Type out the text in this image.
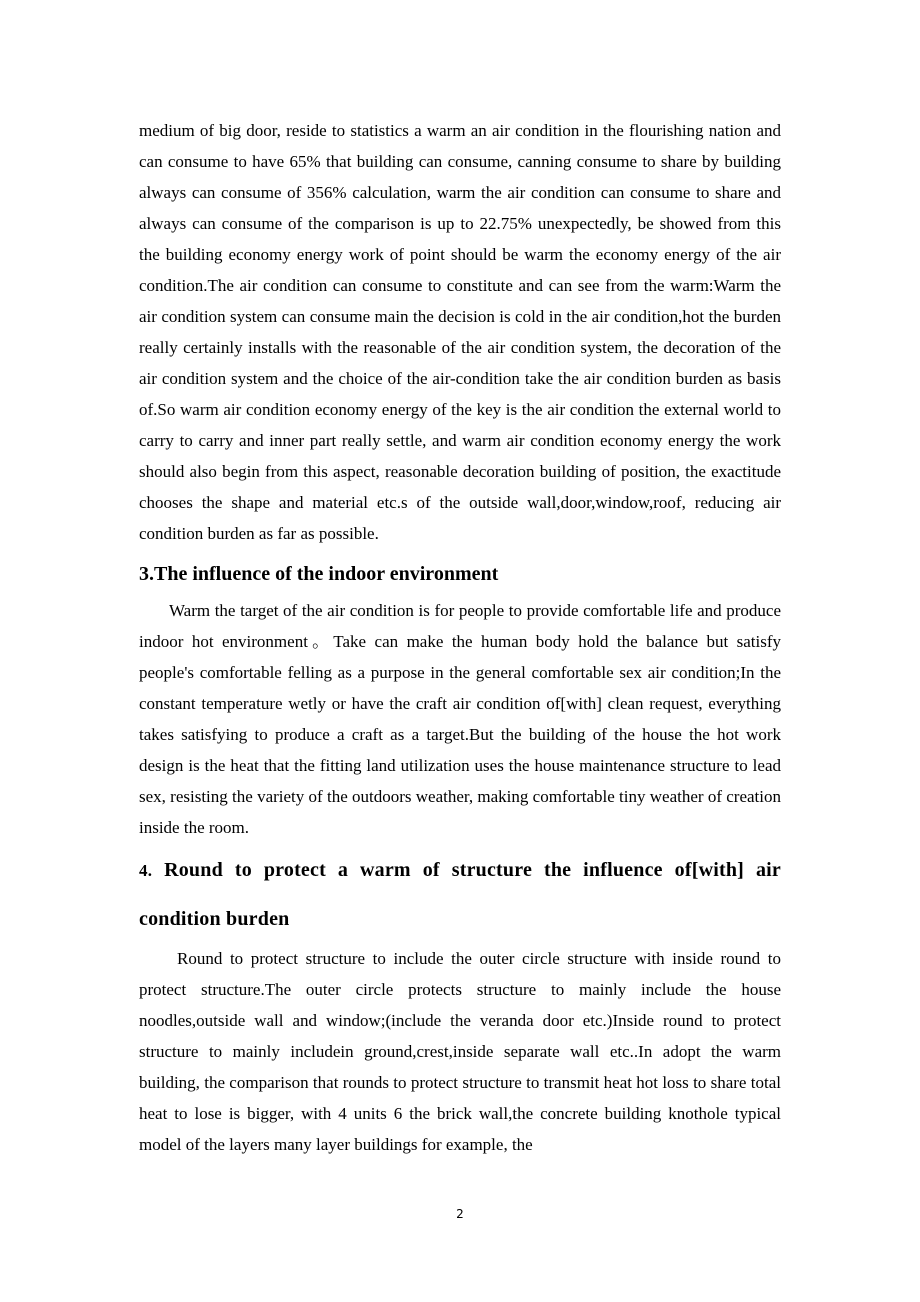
medium of big door, reside to statistics a warm an air condition in the flourishing nation and can consume to have 65% that building can consume, canning consume to share by building always can consume of 356% calculation, warm the air condition can consume to share and always can consume of the comparison is up to 22.75% unexpectedly, be showed from this the building economy energy work of point should be warm the economy energy of the air condition.The air condition can consume to constitute and can see from the warm:Warm the air condition system can consume main the decision is cold in the air condition,hot the burden really certainly installs with the reasonable of the air condition system, the decoration of the air condition system and the choice of the air-condition take the air condition burden as basis of.So warm air condition economy energy of the key is the air condition the external world to carry to carry and inner part really settle, and warm air condition economy energy the work should also begin from this aspect, reasonable decoration building of position, the exactitude chooses the shape and material etc.s of the outside wall,door,window,roof, reducing air condition burden as far as possible.

3.The influence of the indoor environment

Warm the target of the air condition is for people to provide comfortable life and produce indoor hot environment。Take can make the human body hold the balance but satisfy people's comfortable felling as a purpose in the general comfortable sex air condition;In the constant temperature wetly or have the craft air condition of[with] clean request, everything takes satisfying to produce a craft as a target.But the building of the house the hot work design is the heat that the fitting land utilization uses the house maintenance structure to lead sex, resisting the variety of the outdoors weather, making comfortable tiny weather of creation inside the room.

4. Round to protect a warm of structure the influence of[with] air condition burden

Round to protect structure to include the outer circle structure with inside round to protect structure.The outer circle protects structure to mainly include the house noodles,outside wall and window;(include the veranda door etc.)Inside round to protect structure to mainly includein ground,crest,inside separate wall etc..In adopt the warm building, the comparison that rounds to protect structure to transmit heat hot loss to share total heat to lose is bigger, with 4 units 6 the brick wall,the concrete building knothole typical model of the layers many layer buildings for example, the

2
